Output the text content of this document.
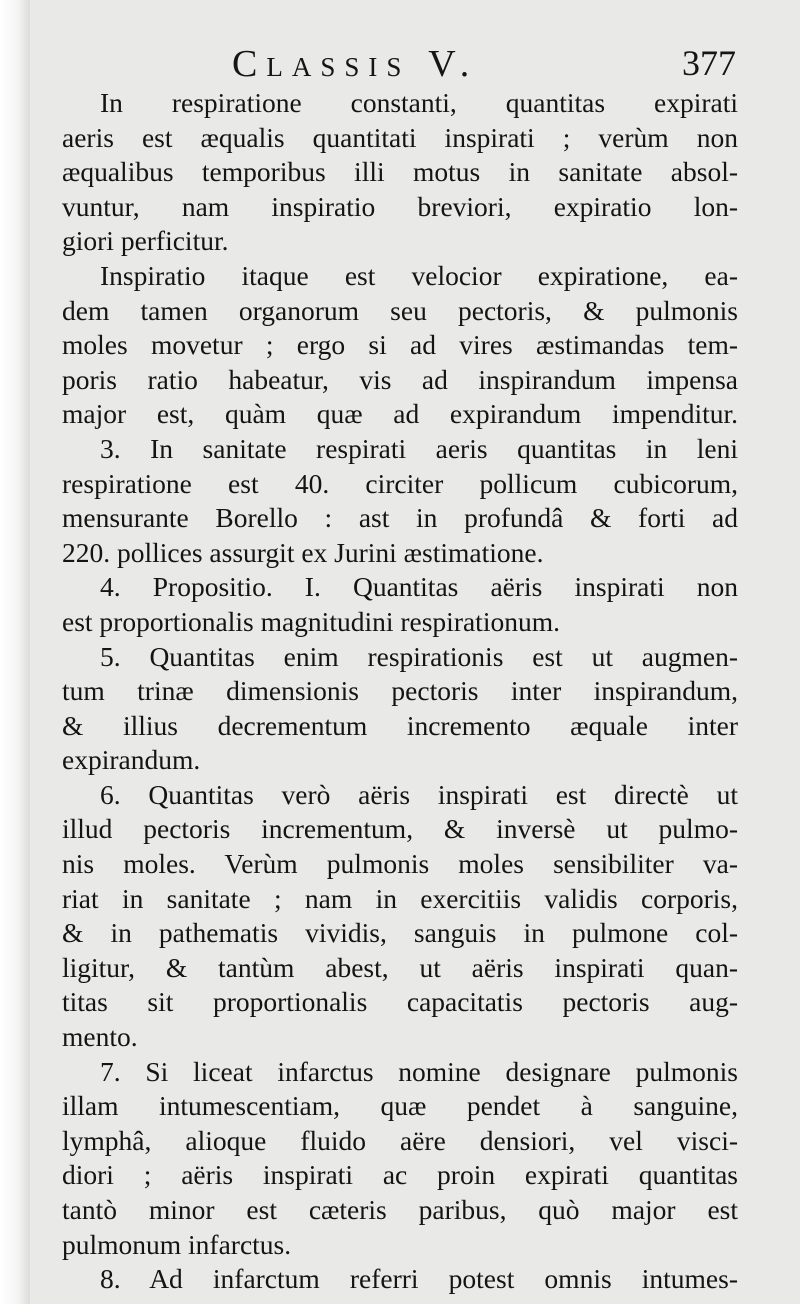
Classis V.	377
In respiratione constanti, quantitas expirati
aeris est æqualis quantitati inspirati ; verùm non
æqualibus temporibus illi motus in sanitate absol-
vuntur, nam inspiratio breviori, expiratio lon-
giori perficitur.
Inspiratio itaque est velocior expiratione, ea-
dem tamen organorum seu pectoris, & pulmonis
moles movetur ; ergo si ad vires æstimandas tem-
poris ratio habeatur, vis ad inspirandum impensa
major est, quàm quæ ad expirandum impenditur.
3. In sanitate respirati aeris quantitas in leni
respiratione est 40. circiter pollicum cubicorum,
mensurante Borello : ast in profundâ & forti ad
220. pollices assurgit ex Jurini æstimatione.
4. Propositio. I. Quantitas aëris inspirati non
est proportionalis magnitudini respirationum.
5. Quantitas enim respirationis est ut augmen-
tum trinæ dimensionis pectoris inter inspirandum,
& illius decrementum incremento æquale inter
expirandum.
6. Quantitas verò aëris inspirati est directè ut
illud pectoris incrementum, & inversè ut pulmo-
nis moles. Verùm pulmonis moles sensibiliter va-
riat in sanitate ; nam in exercitiis validis corporis,
& in pathematis vividis, sanguis in pulmone col-
ligitur, & tantùm abest, ut aëris inspirati quan-
titas sit proportionalis capacitatis pectoris aug-
mento.
7. Si liceat infarctus nomine designare pulmonis
illam intumescentiam, quæ pendet à sanguine,
lymphâ, alioque fluido aëre densiori, vel visci-
diori ; aëris inspirati ac proin expirati quantitas
tantò minor est cæteris paribus, quò major est
pulmonum infarctus.
8. Ad infarctum referri potest omnis intumes-
